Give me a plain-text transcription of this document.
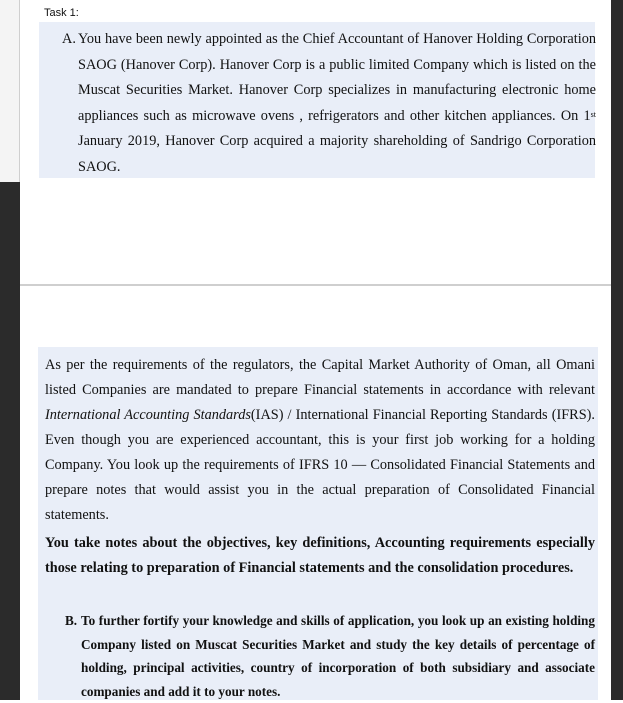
Task 1:
A. You have been newly appointed as the Chief Accountant of Hanover Holding Corporation SAOG (Hanover Corp). Hanover Corp is a public limited Company which is listed on the Muscat Securities Market. Hanover Corp specializes in manufacturing electronic home appliances such as microwave ovens , refrigerators and other kitchen appliances. On 1st January 2019, Hanover Corp acquired a majority shareholding of Sandrigo Corporation SAOG.
As per the requirements of the regulators, the Capital Market Authority of Oman, all Omani listed Companies are mandated to prepare Financial statements in accordance with relevant International Accounting Standards(IAS) / International Financial Reporting Standards (IFRS). Even though you are experienced accountant, this is your first job working for a holding Company. You look up the requirements of IFRS 10 — Consolidated Financial Statements and prepare notes that would assist you in the actual preparation of Consolidated Financial statements.
You take notes about the objectives, key definitions, Accounting requirements especially those relating to preparation of Financial statements and the consolidation procedures.
B. To further fortify your knowledge and skills of application, you look up an existing holding Company listed on Muscat Securities Market and study the key details of percentage of holding, principal activities, country of incorporation of both subsidiary and associate companies and add it to your notes.
